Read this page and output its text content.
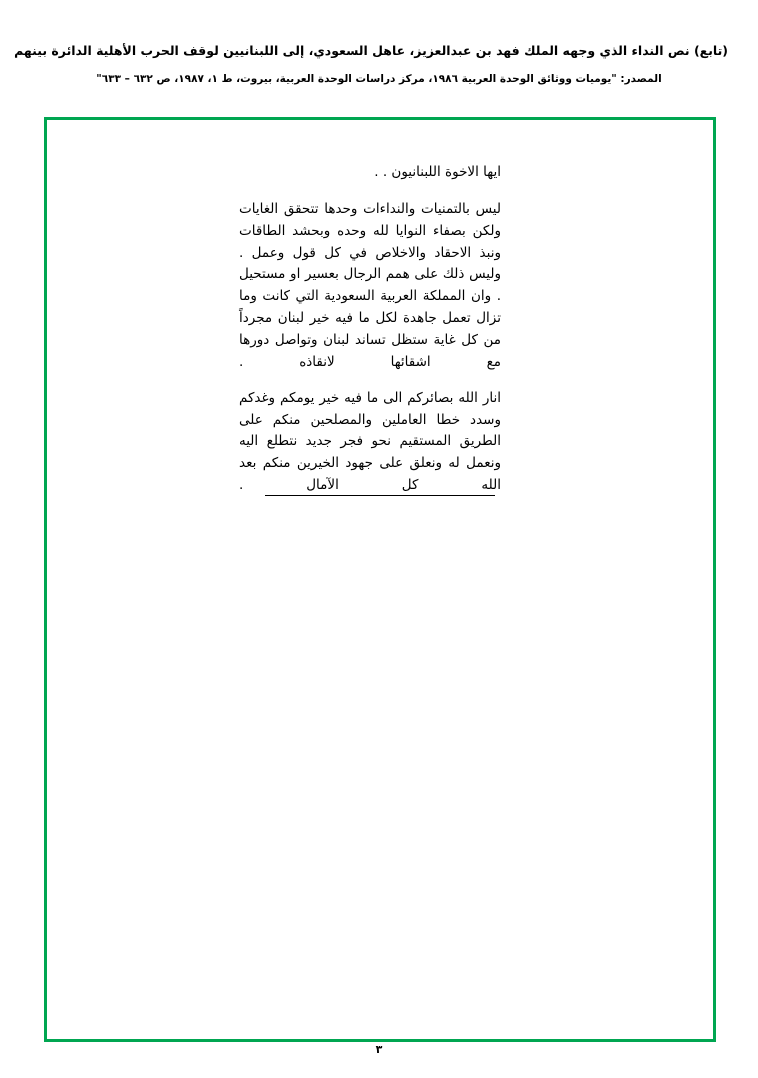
(تابع) نص النداء الذي وجهه الملك فهد بن عبدالعزيز، عاهل السعودي، إلى اللبنانيين لوقف الحرب الأهلية الدائرة بينهم
المصدر: "يوميات ووثائق الوحدة العربية ١٩٨٦، مركز دراسات الوحدة العربية، بيروت، ط ١، ١٩٨٧، ص ٦٣٢ – ٦٣٣"

ايها الاخوة اللبنانيون . .

ليس بالتمنيات والنداءات وحدها تتحقق الغايات ولكن بصفاء النوايا لله وحده وبحشد الطاقات ونبذ الاحقاد والاخلاص في كل قول وعمل . وليس ذلك على همم الرجال بعسير او مستحيل . وان المملكة العربية السعودية التي كانت وما تزال تعمل جاهدة لكل ما فيه خير لبنان مجرداً من كل غاية ستظل تساند لبنان وتواصل دورها مع اشقائها لانقاذه .

انار الله بصائركم الى ما فيه خير يومكم وغدكم وسدد خطا العاملين والمصلحين منكم على الطريق المستقيم نحو فجر جديد نتطلع اليه ونعمل له ونعلق على جهود الخيرين منكم بعد الله كل الآمال .

٣
